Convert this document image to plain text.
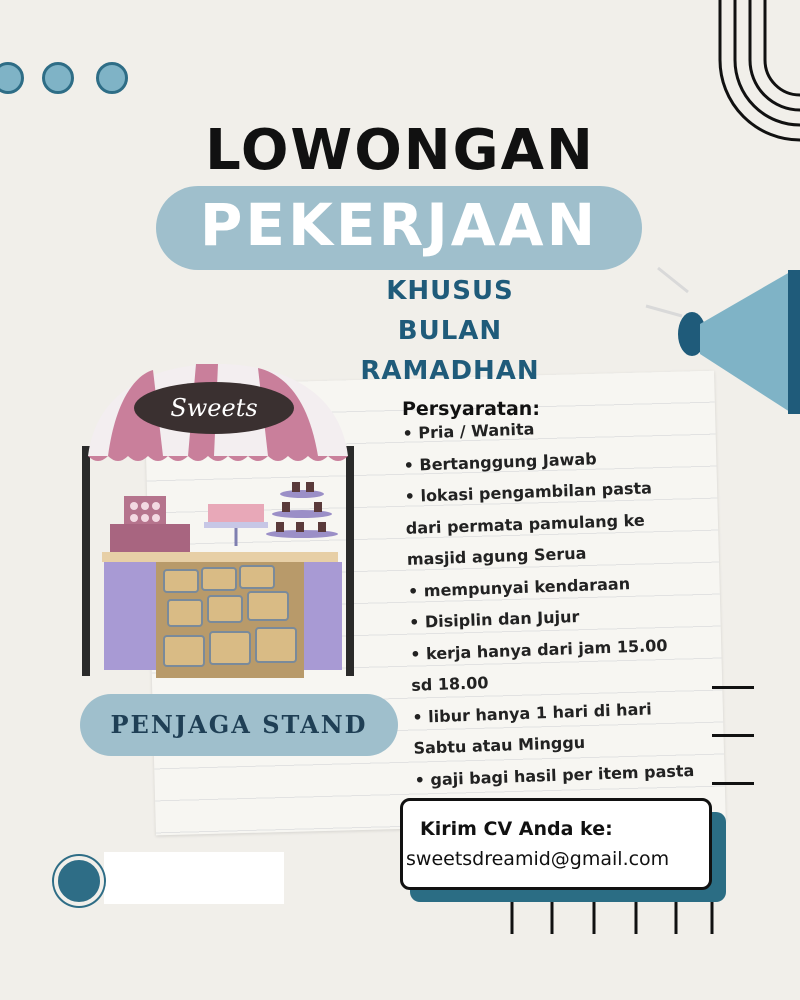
LOWONGAN
PEKERJAAN
KHUSUS
BULAN
RAMADHAN
Sweets
PENJAGA STAND
Persyaratan:
• Pria / Wanita
• Bertanggung Jawab
• lokasi pengambilan pasta
dari permata pamulang ke
masjid agung Serua
• mempunyai kendaraan
• Disiplin dan Jujur
• kerja hanya dari jam 15.00
sd 18.00
• libur hanya 1 hari di hari
Sabtu atau Minggu
• gaji bagi hasil per item pasta
Kirim CV Anda ke:
sweetsdreamid@gmail.com
